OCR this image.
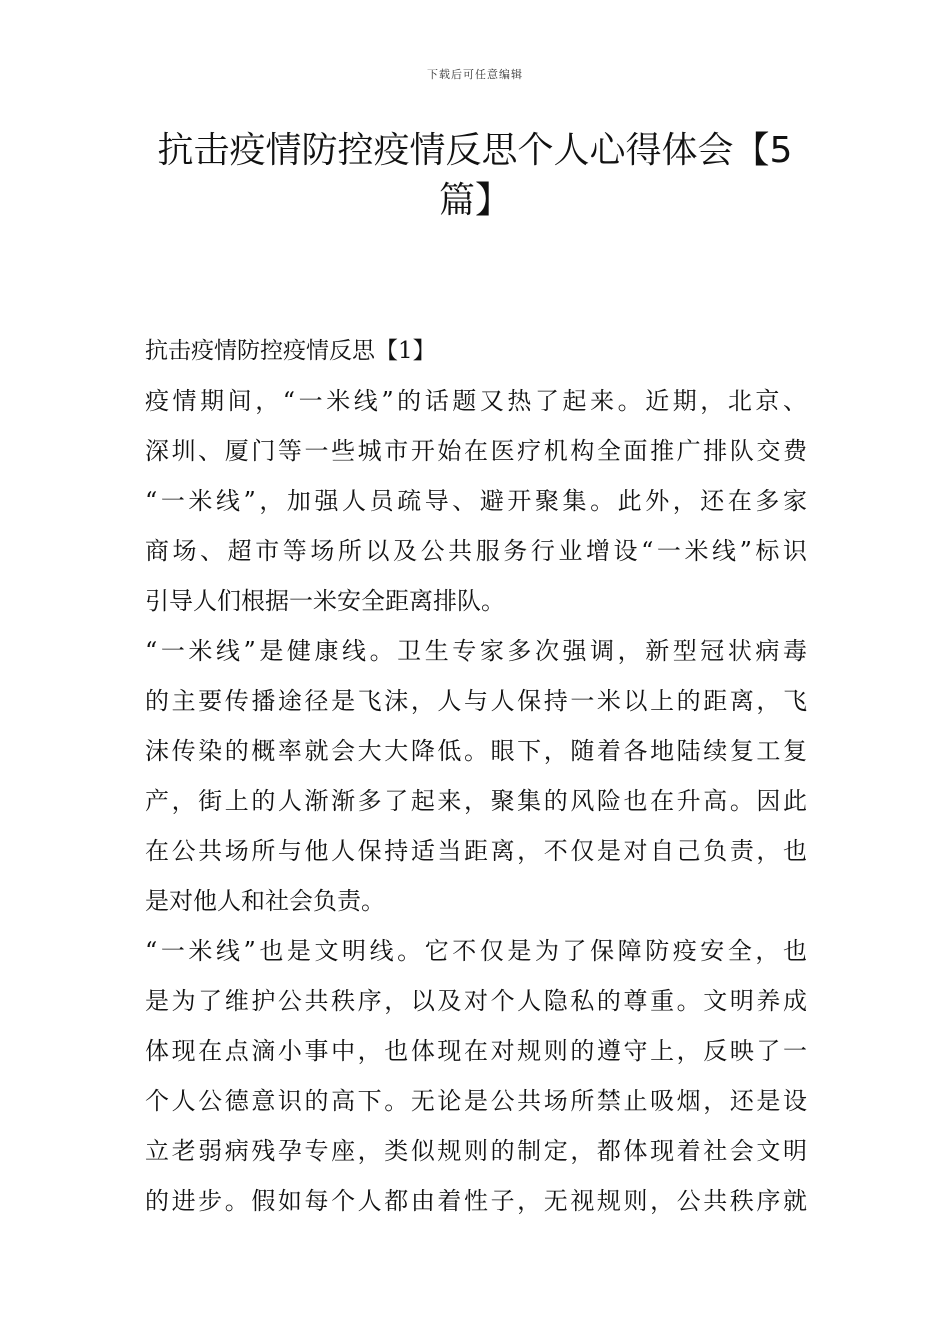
下载后可任意编辑
抗击疫情防控疫情反思个人心得体会【5
篇】

抗击疫情防控疫情反思【1】

疫情期间，“一米线”的话题又热了起来。近期，北京、
深圳、厦门等一些城市开始在医疗机构全面推广排队交费
“一米线”，加强人员疏导、避开聚集。此外，还在多家
商场、超市等场所以及公共服务行业增设“一米线”标识
引导人们根据一米安全距离排队。

“一米线”是健康线。卫生专家多次强调，新型冠状病毒
的主要传播途径是飞沫，人与人保持一米以上的距离，飞
沫传染的概率就会大大降低。眼下，随着各地陆续复工复
产，街上的人渐渐多了起来，聚集的风险也在升高。因此
在公共场所与他人保持适当距离，不仅是对自己负责，也
是对他人和社会负责。

“一米线”也是文明线。它不仅是为了保障防疫安全，也
是为了维护公共秩序，以及对个人隐私的尊重。文明养成
体现在点滴小事中，也体现在对规则的遵守上，反映了一
个人公德意识的高下。无论是公共场所禁止吸烟，还是设
立老弱病残孕专座，类似规则的制定，都体现着社会文明
的进步。假如每个人都由着性子，无视规则，公共秩序就
